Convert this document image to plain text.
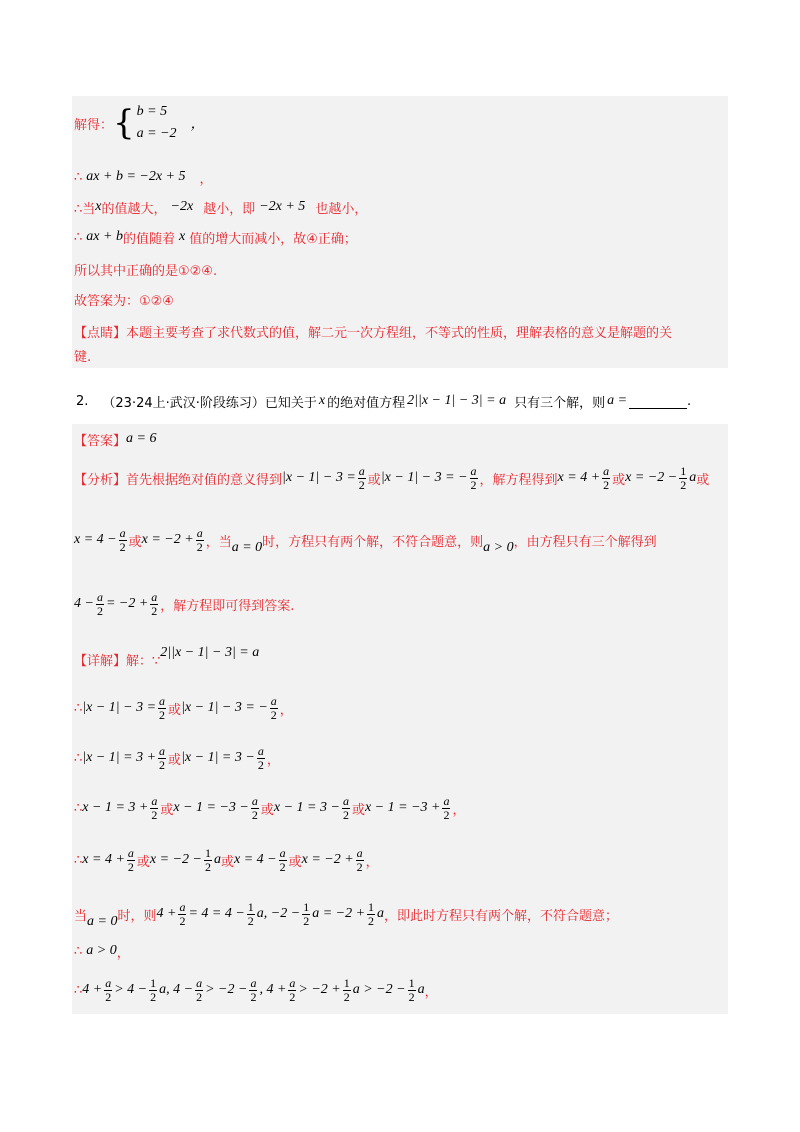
解得： { b = 5
a = −2
，
∴ ax + b = −2x + 5 ，
∴当 x 的值越大， −2x 越小，即 −2x + 5 也越小，
∴ ax + b 的值随着 x 值的增大而减小，故④正确；
所以其中正确的是①②④.
故答案为：①②④
【点睛】本题主要考查了求代数式的值，解二元一次方程组，不等式的性质，理解表格的意义是解题的关
键.
2. （23·24上·武汉·阶段练习）已知关于 x 的绝对值方程 2||x − 1| − 3| = a 只有三个解，则 a =	.
【答案】 a = 6
【分析】 首先根据绝对值的意义得到 $|x - 1| - 3 = \frac{a}{2}$ 或 |x − 1| − 3 = − $\frac{a}{2}$ ，解方程得到 $x = 4 + \frac{a}{2}$ 或 $x = -2 - \frac{1}{2}$ a 或
$x = 4 - \frac{a}{2}$ 或 $x = -2 + \frac{a}{2}$ ，当 a = 0 时，方程只有两个解，不符合题意，则 a > 0 ，由方程只有三个解得到
$4 - \frac{a}{2} = -2 + \frac{a}{2}$ ，解方程即可得到答案.
【详解】 解：∵
2||x − 1| − 3| = a
∴ $|x - 1| - 3 = \frac{a}{2}$ 或 |x − 1| − 3 = − $\frac{a}{2}$ ，
∴ $|x - 1| = 3 + \frac{a}{2}$ 或 $|x - 1| = 3 - \frac{a}{2}$ ，
∴ $x - 1 = 3 + \frac{a}{2}$ 或 $x - 1 = -3 - \frac{a}{2}$ 或 $x - 1 = 3 - \frac{a}{2}$ 或 $x - 1 = -3 + \frac{a}{2}$ ，
∴ $x = 4 + \frac{a}{2}$ 或 $x = -2 - \frac{1}{2}$ a 或 $x = 4 - \frac{a}{2}$ 或 $x = -2 + \frac{a}{2}$ ，
当 a = 0 时，则 $4 + \frac{a}{2} = 4 = 4 - \frac{1}{2} a$, $-2 - \frac{1}{2}$ $a = -2 + \frac{1}{2}$ a ，即此时方程只有两个解，不符合题意；
∴ a > 0 ，
∴ $4 + \frac{a}{2} > 4 - \frac{1}{2} a$, $4 - \frac{a}{2} > -2 - \frac{a}{2}$ , $4 + \frac{a}{2} > -2 + \frac{1}{2}$ $a > -2 - \frac{1}{2}$ a ，
